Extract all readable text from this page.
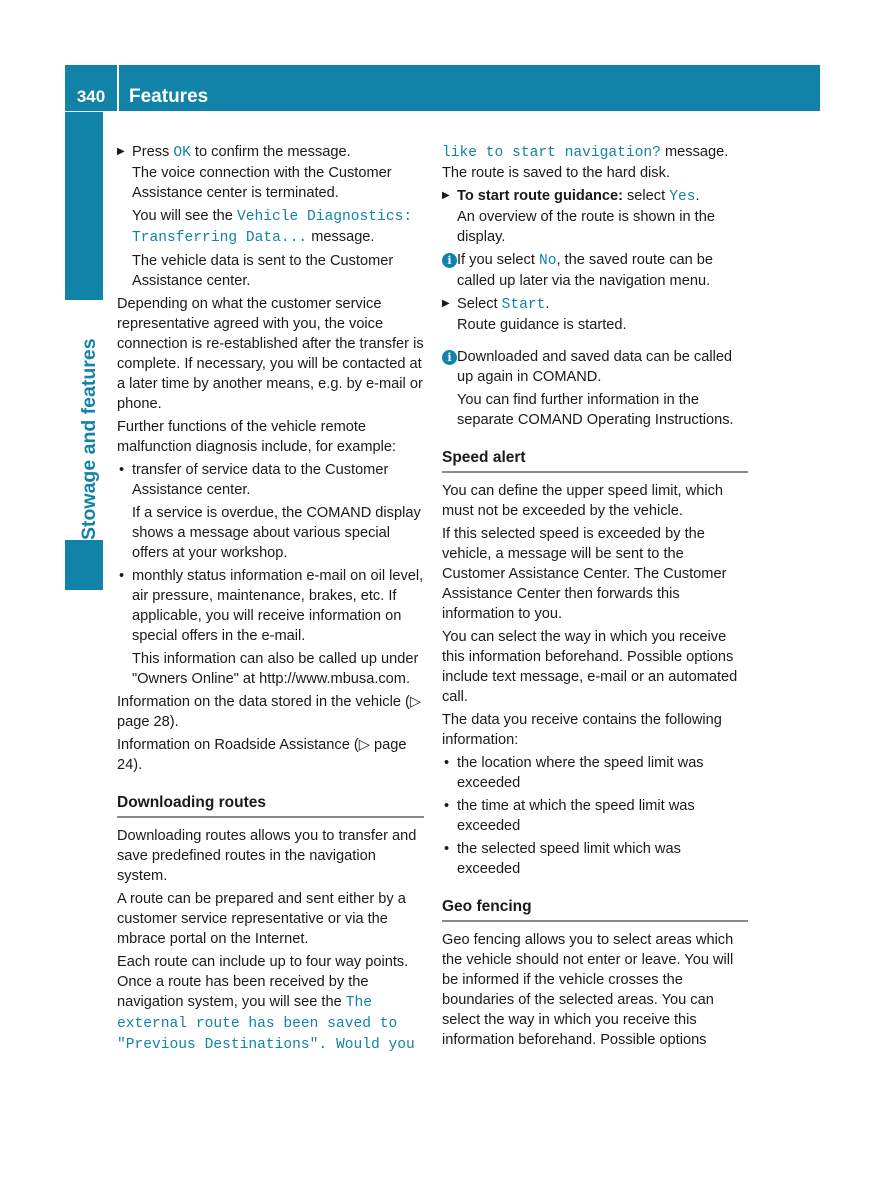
340	Features
Stowage and features
▶ Press OK to confirm the message.
The voice connection with the Customer Assistance center is terminated.

You will see the Vehicle Diagnostics: Transferring Data... message.

The vehicle data is sent to the Customer Assistance center.

Depending on what the customer service representative agreed with you, the voice connection is re-established after the transfer is complete. If necessary, you will be contacted at a later time by another means, e.g. by e-mail or phone.

Further functions of the vehicle remote malfunction diagnosis include, for example:

• transfer of service data to the Customer Assistance center.

If a service is overdue, the COMAND display shows a message about various special offers at your workshop.

• monthly status information e-mail on oil level, air pressure, maintenance, brakes, etc. If applicable, you will receive information on special offers in the e-mail.

This information can also be called up under "Owners Online" at http://www.mbusa.com.

Information on the data stored in the vehicle (▷ page 28).

Information on Roadside Assistance (▷ page 24).

Downloading routes

Downloading routes allows you to transfer and save predefined routes in the navigation system.

A route can be prepared and sent either by a customer service representative or via the mbrace portal on the Internet.

Each route can include up to four way points. Once a route has been received by the navigation system, you will see the The external route has been saved to "Previous Destinations". Would you

like to start navigation? message. The route is saved to the hard disk.

▶ To start route guidance: select Yes.
An overview of the route is shown in the display.
i If you select No, the saved route can be called up later via the navigation menu.
▶ Select Start.
Route guidance is started.
i Downloaded and saved data can be called up again in COMAND.

You can find further information in the separate COMAND Operating Instructions.

Speed alert

You can define the upper speed limit, which must not be exceeded by the vehicle.

If this selected speed is exceeded by the vehicle, a message will be sent to the Customer Assistance Center. The Customer Assistance Center then forwards this information to you.

You can select the way in which you receive this information beforehand. Possible options include text message, e-mail or an automated call.

The data you receive contains the following information:

• the location where the speed limit was exceeded
• the time at which the speed limit was exceeded
• the selected speed limit which was exceeded
Geo fencing

Geo fencing allows you to select areas which the vehicle should not enter or leave. You will be informed if the vehicle crosses the boundaries of the selected areas. You can select the way in which you receive this information beforehand. Possible options
